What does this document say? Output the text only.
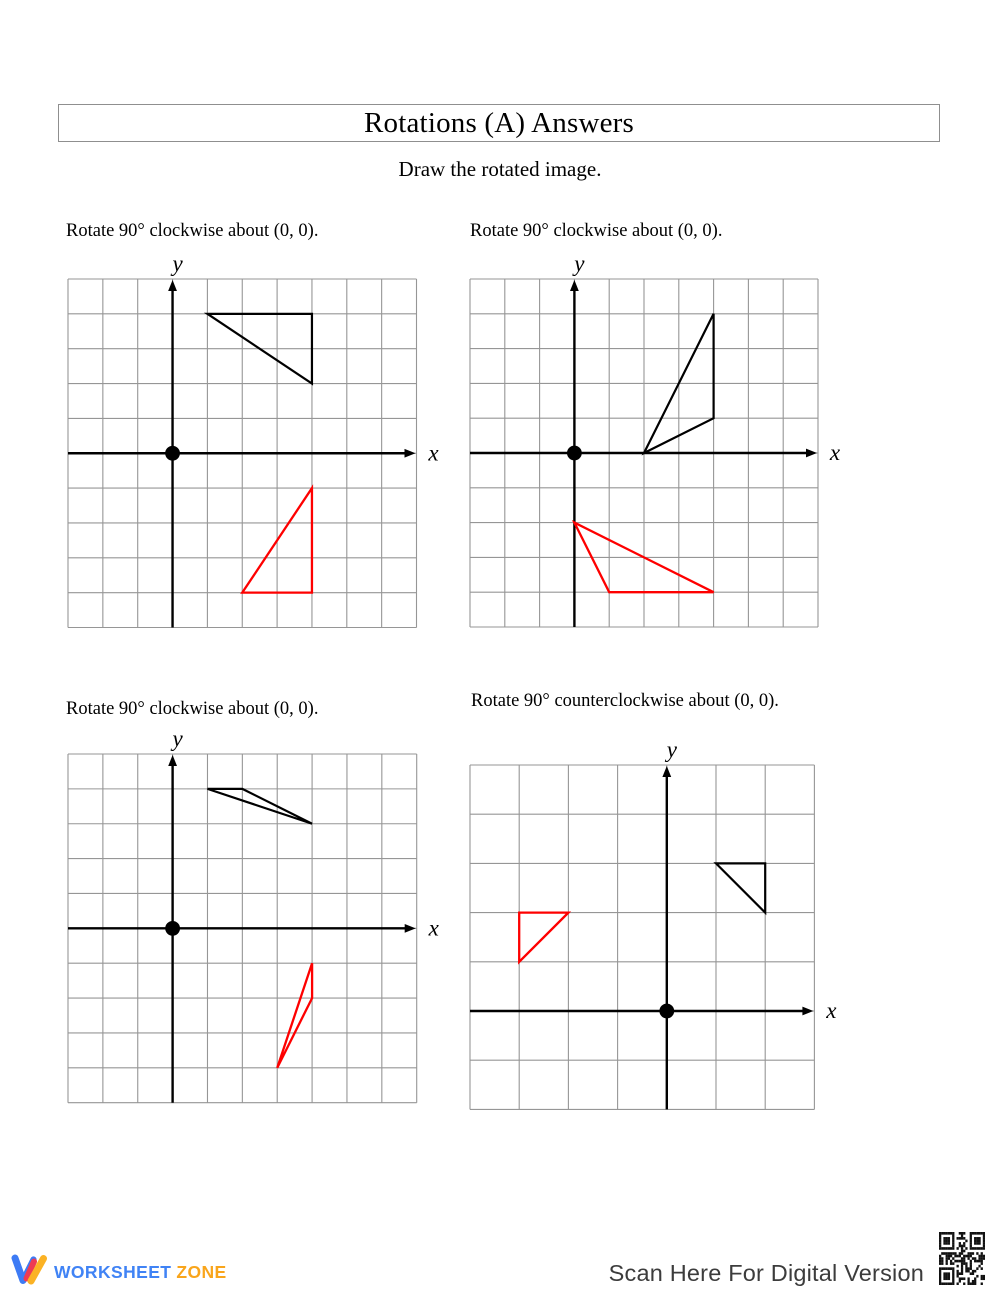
Rotations (A) Answers
Draw the rotated image.
Rotate 90° clockwise about (0, 0).
x
y
Rotate 90° clockwise about (0, 0).
x
y
Rotate 90° clockwise about (0, 0).
x
y
Rotate 90° counterclockwise about (0, 0).
x
y
WORKSHEET ZONE	Scan Here For Digital Version
